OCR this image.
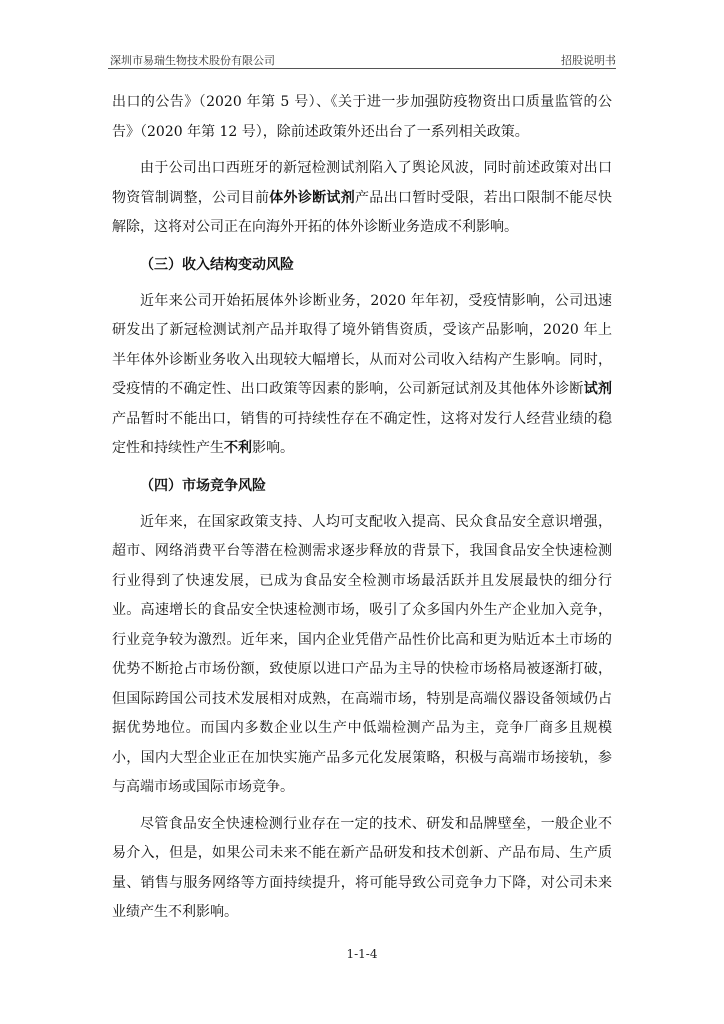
深圳市易瑞生物技术股份有限公司	招股说明书

出口的公告》（2020 年第 5 号）、《关于进一步加强防疫物资出口质量监管的公告》（2020 年第 12 号），除前述政策外还出台了一系列相关政策。

由于公司出口西班牙的新冠检测试剂陷入了舆论风波，同时前述政策对出口物资管制调整，公司目前体外诊断试剂产品出口暂时受限，若出口限制不能尽快解除，这将对公司正在向海外开拓的体外诊断业务造成不利影响。

（三）收入结构变动风险

近年来公司开始拓展体外诊断业务，2020 年年初，受疫情影响，公司迅速研发出了新冠检测试剂产品并取得了境外销售资质，受该产品影响，2020 年上半年体外诊断业务收入出现较大幅增长，从而对公司收入结构产生影响。同时，受疫情的不确定性、出口政策等因素的影响，公司新冠试剂及其他体外诊断试剂产品暂时不能出口，销售的可持续性存在不确定性，这将对发行人经营业绩的稳定性和持续性产生不利影响。

（四）市场竞争风险

近年来，在国家政策支持、人均可支配收入提高、民众食品安全意识增强，超市、网络消费平台等潜在检测需求逐步释放的背景下，我国食品安全快速检测行业得到了快速发展，已成为食品安全检测市场最活跃并且发展最快的细分行业。高速增长的食品安全快速检测市场，吸引了众多国内外生产企业加入竞争，行业竞争较为激烈。近年来，国内企业凭借产品性价比高和更为贴近本土市场的优势不断抢占市场份额，致使原以进口产品为主导的快检市场格局被逐渐打破，但国际跨国公司技术发展相对成熟，在高端市场，特别是高端仪器设备领域仍占据优势地位。而国内多数企业以生产中低端检测产品为主，竞争厂商多且规模小，国内大型企业正在加快实施产品多元化发展策略，积极与高端市场接轨，参与高端市场或国际市场竞争。

尽管食品安全快速检测行业存在一定的技术、研发和品牌壁垒，一般企业不易介入，但是，如果公司未来不能在新产品研发和技术创新、产品布局、生产质量、销售与服务网络等方面持续提升，将可能导致公司竞争力下降，对公司未来业绩产生不利影响。

1-1-4
